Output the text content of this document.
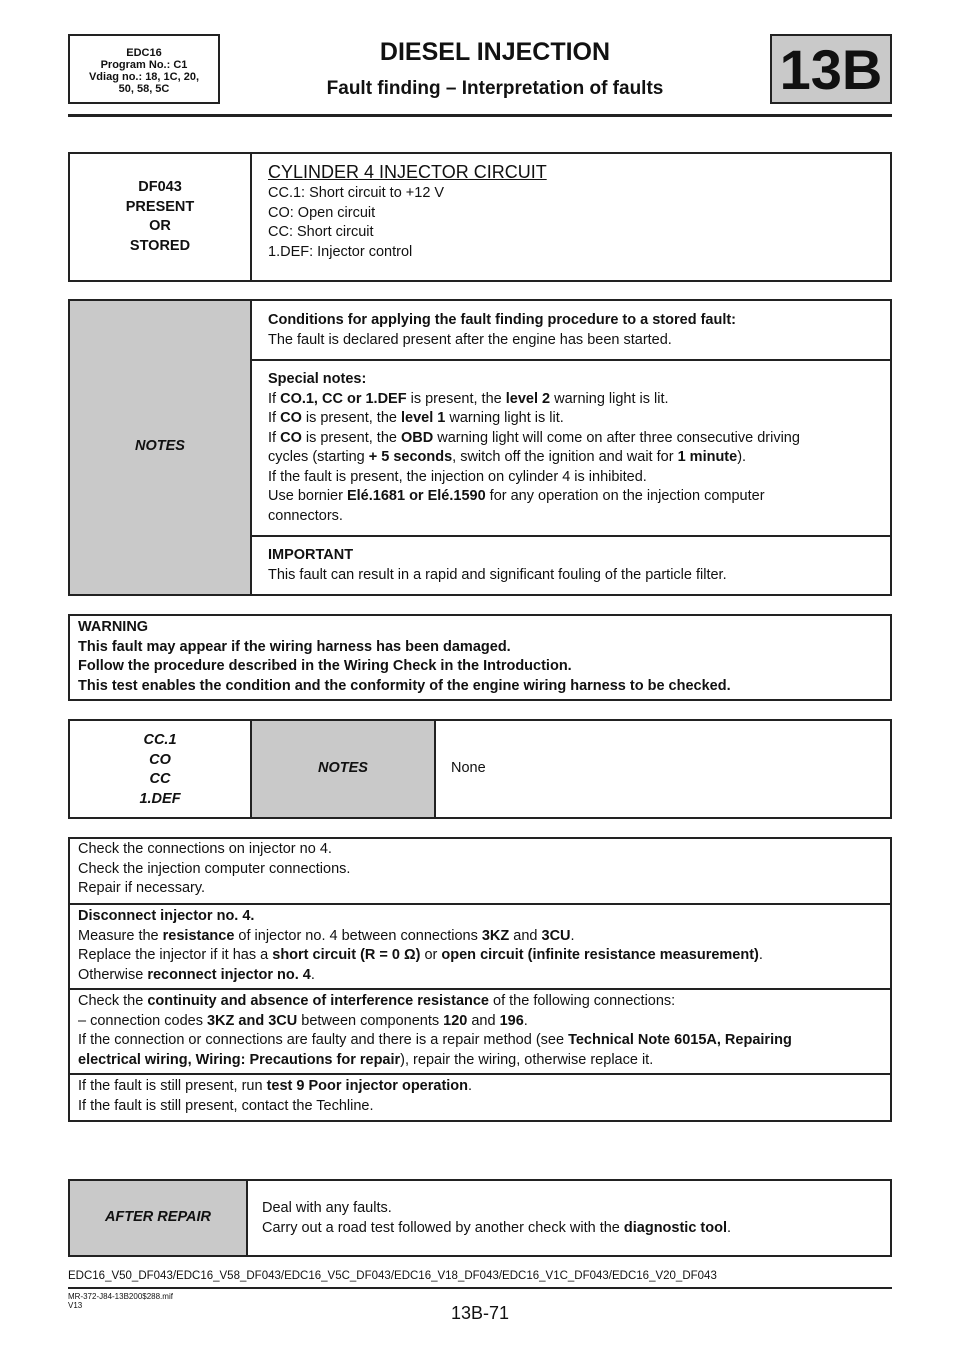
EDC16
Program No.: C1
Vdiag no.: 18, 1C, 20,
50, 58, 5C
DIESEL INJECTION
Fault finding – Interpretation of faults	13B
DF043
PRESENT
OR
STORED
CYLINDER 4 INJECTOR CIRCUIT
CC.1: Short circuit to +12 V
CO: Open circuit
CC: Short circuit
1.DEF: Injector control
NOTES
Conditions for applying the fault finding procedure to a stored fault:
The fault is declared present after the engine has been started.
Special notes:
If CO.1, CC or 1.DEF is present, the level 2 warning light is lit.
If CO is present, the level 1 warning light is lit.
If CO is present, the OBD warning light will come on after three consecutive driving
cycles (starting + 5 seconds, switch off the ignition and wait for 1 minute).
If the fault is present, the injection on cylinder 4 is inhibited.
Use bornier Elé.1681 or Elé.1590 for any operation on the injection computer
connectors.
IMPORTANT
This fault can result in a rapid and significant fouling of the particle filter.
WARNING
This fault may appear if the wiring harness has been damaged.
Follow the procedure described in the Wiring Check in the Introduction.
This test enables the condition and the conformity of the engine wiring harness to be checked.
CC.1
CO
CC
1.DEF
NOTES	None
Check the connections on injector no 4.
Check the injection computer connections.
Repair if necessary.
Disconnect injector no. 4.
Measure the resistance of injector no. 4 between connections 3KZ and 3CU.
Replace the injector if it has a short circuit (R = 0 Ω) or open circuit (infinite resistance measurement).
Otherwise reconnect injector no. 4.
Check the continuity and absence of interference resistance of the following connections:
– connection codes 3KZ and 3CU between components 120 and 196.
If the connection or connections are faulty and there is a repair method (see Technical Note 6015A, Repairing
electrical wiring, Wiring: Precautions for repair), repair the wiring, otherwise replace it.
If the fault is still present, run test 9 Poor injector operation.
If the fault is still present, contact the Techline.
AFTER REPAIR
Deal with any faults.
Carry out a road test followed by another check with the diagnostic tool.
EDC16_V50_DF043/EDC16_V58_DF043/EDC16_V5C_DF043/EDC16_V18_DF043/EDC16_V1C_DF043/EDC16_V20_DF043
MR-372-J84-13B200$288.mif
V13	13B-71
